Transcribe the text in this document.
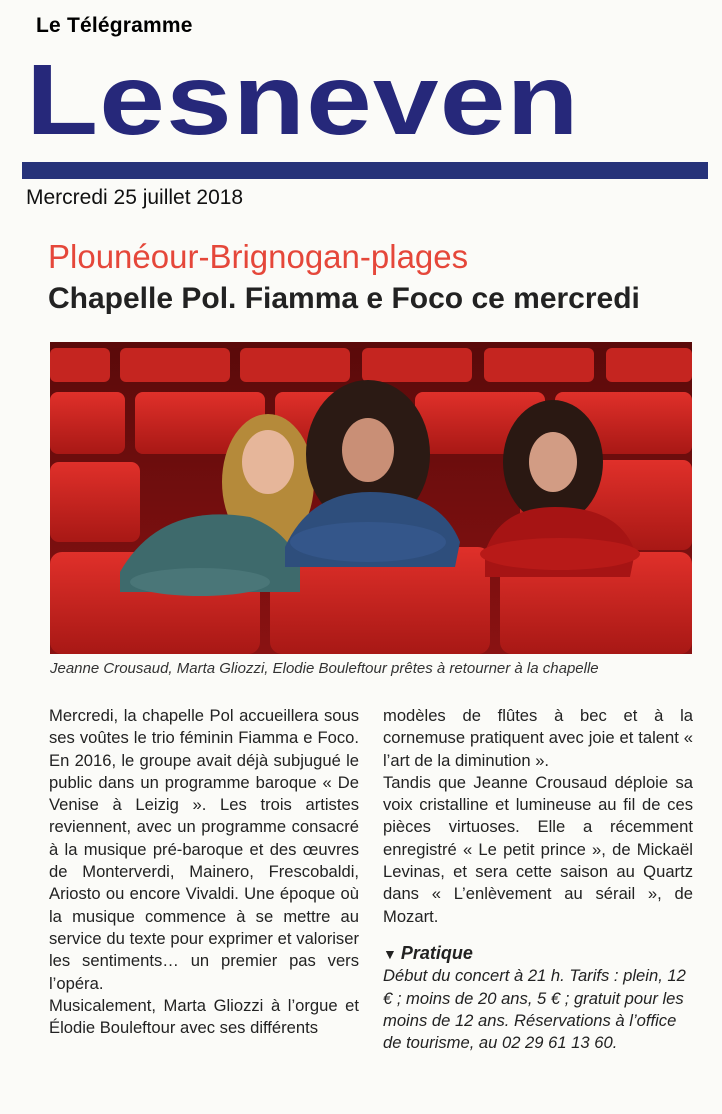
Le Télégramme
Lesneven
Mercredi 25 juillet 2018
Plounéour-Brignogan-plages
Chapelle Pol. Fiamma e Foco ce mercredi
Jeanne Crousaud, Marta Gliozzi, Elodie Bouleftour prêtes à retourner à la chapelle

Mercredi, la chapelle Pol accueillera sous ses voûtes le trio féminin Fiamma e Foco. En 2016, le groupe avait déjà subjugué le public dans un programme baroque « De Venise à Leizig ». Les trois artistes reviennent, avec un programme consacré à la musique pré-baroque et des œuvres de Monterverdi, Mainero, Frescobaldi, Ariosto ou encore Vivaldi. Une époque où la musique commence à se mettre au service du texte pour exprimer et valoriser les sentiments… un premier pas vers l’opéra.

Musicalement, Marta Gliozzi à l’orgue et Élodie Bouleftour avec ses différents

modèles de flûtes à bec et à la cornemuse pratiquent avec joie et talent « l’art de la diminution ».

Tandis que Jeanne Crousaud déploie sa voix cristalline et lumineuse au fil de ces pièces virtuoses. Elle a récemment enregistré « Le petit prince », de Mickaël Levinas, et sera cette saison au Quartz dans « L’enlèvement au sérail », de Mozart.

▼ Pratique

Début du concert à 21 h. Tarifs : plein, 12 € ; moins de 20 ans, 5 € ; gratuit pour les moins de 12 ans. Réservations à l’office de tourisme, au 02 29 61 13 60.
